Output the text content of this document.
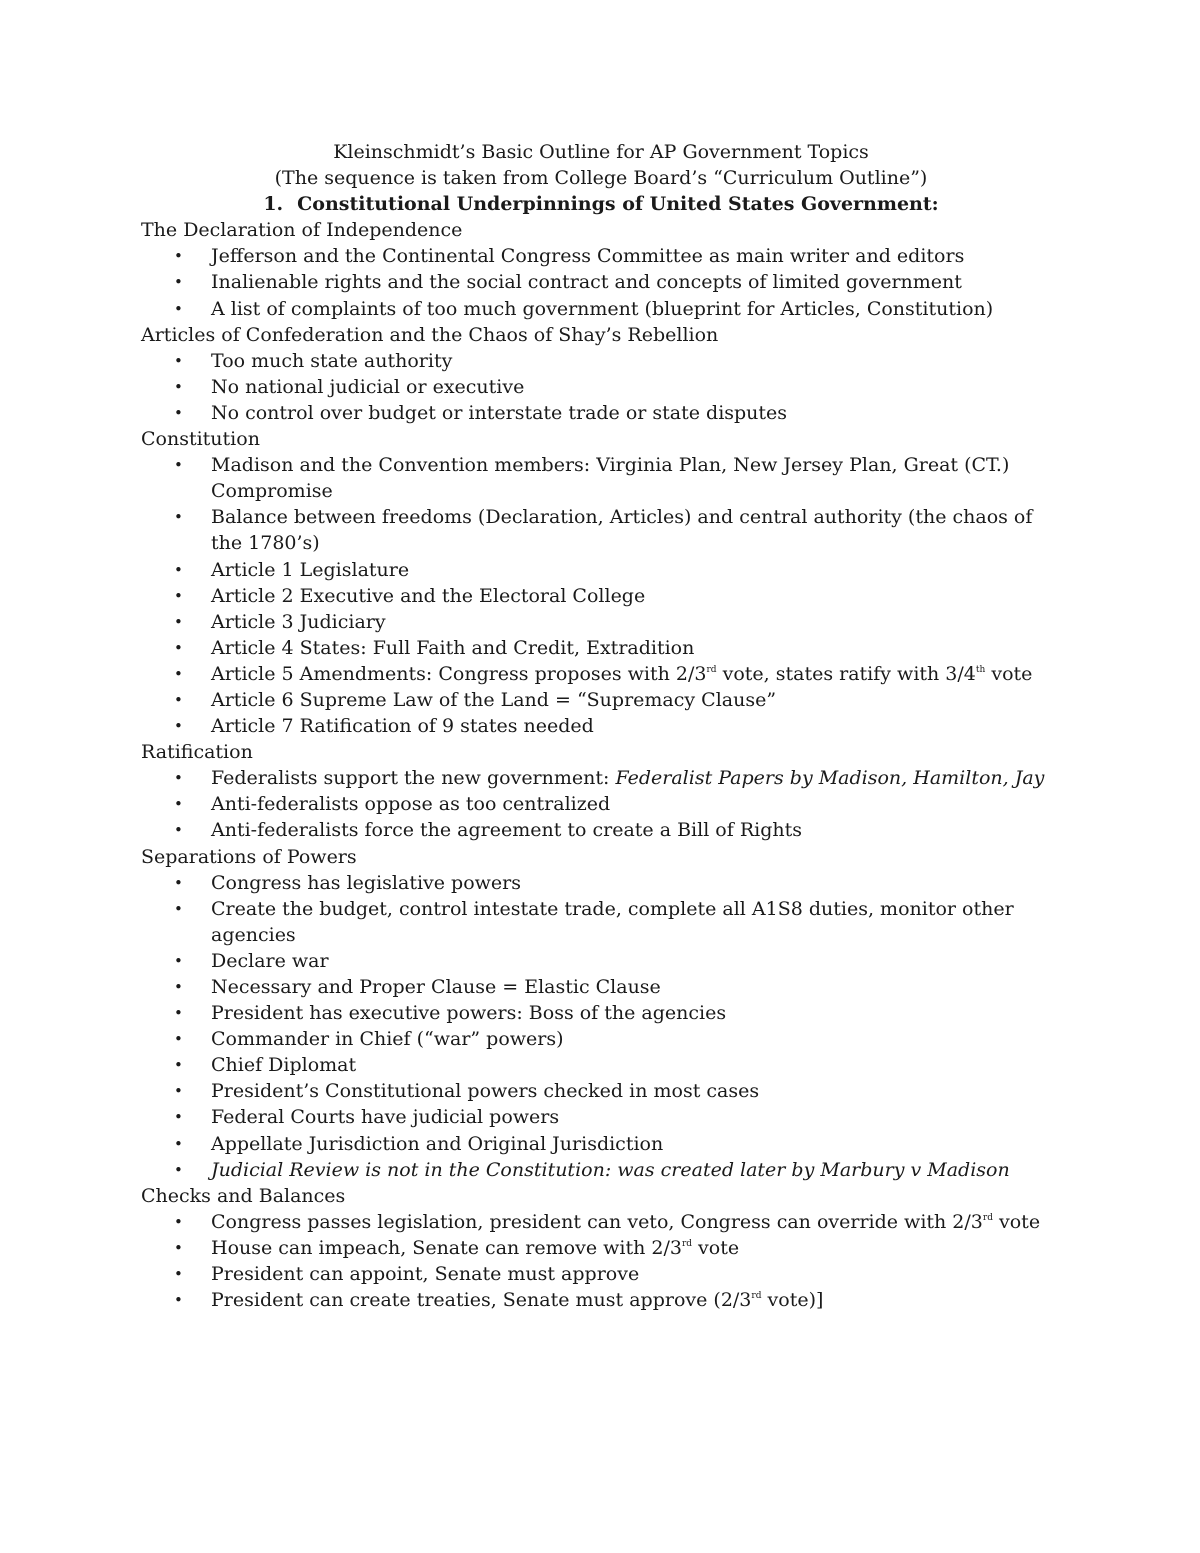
Kleinschmidt’s Basic Outline for AP Government Topics
(The sequence is taken from College Board’s “Curriculum Outline”)
1. Constitutional Underpinnings of United States Government:
The Declaration of Independence
• Jefferson and the Continental Congress Committee as main writer and editors
• Inalienable rights and the social contract and concepts of limited government
• A list of complaints of too much government (blueprint for Articles, Constitution)
Articles of Confederation and the Chaos of Shay’s Rebellion
• Too much state authority
• No national judicial or executive
• No control over budget or interstate trade or state disputes
Constitution
• Madison and the Convention members: Virginia Plan, New Jersey Plan, Great (CT.) Compromise
• Balance between freedoms (Declaration, Articles) and central authority (the chaos of the 1780’s)
• Article 1 Legislature
• Article 2 Executive and the Electoral College
• Article 3 Judiciary
• Article 4 States: Full Faith and Credit, Extradition
• Article 5 Amendments: Congress proposes with 2/3rd vote, states ratify with 3/4th vote
• Article 6 Supreme Law of the Land = “Supremacy Clause”
• Article 7 Ratification of 9 states needed
Ratification
• Federalists support the new government: Federalist Papers by Madison, Hamilton, Jay
• Anti-federalists oppose as too centralized
• Anti-federalists force the agreement to create a Bill of Rights
Separations of Powers
• Congress has legislative powers
• Create the budget, control intestate trade, complete all A1S8 duties, monitor other agencies
• Declare war
• Necessary and Proper Clause = Elastic Clause
• President has executive powers: Boss of the agencies
• Commander in Chief (“war” powers)
• Chief Diplomat
• President’s Constitutional powers checked in most cases
• Federal Courts have judicial powers
• Appellate Jurisdiction and Original Jurisdiction
• Judicial Review is not in the Constitution: was created later by Marbury v Madison
Checks and Balances
• Congress passes legislation, president can veto, Congress can override with 2/3rd vote
• House can impeach, Senate can remove with 2/3rd vote
• President can appoint, Senate must approve
• President can create treaties, Senate must approve (2/3rd vote)]
